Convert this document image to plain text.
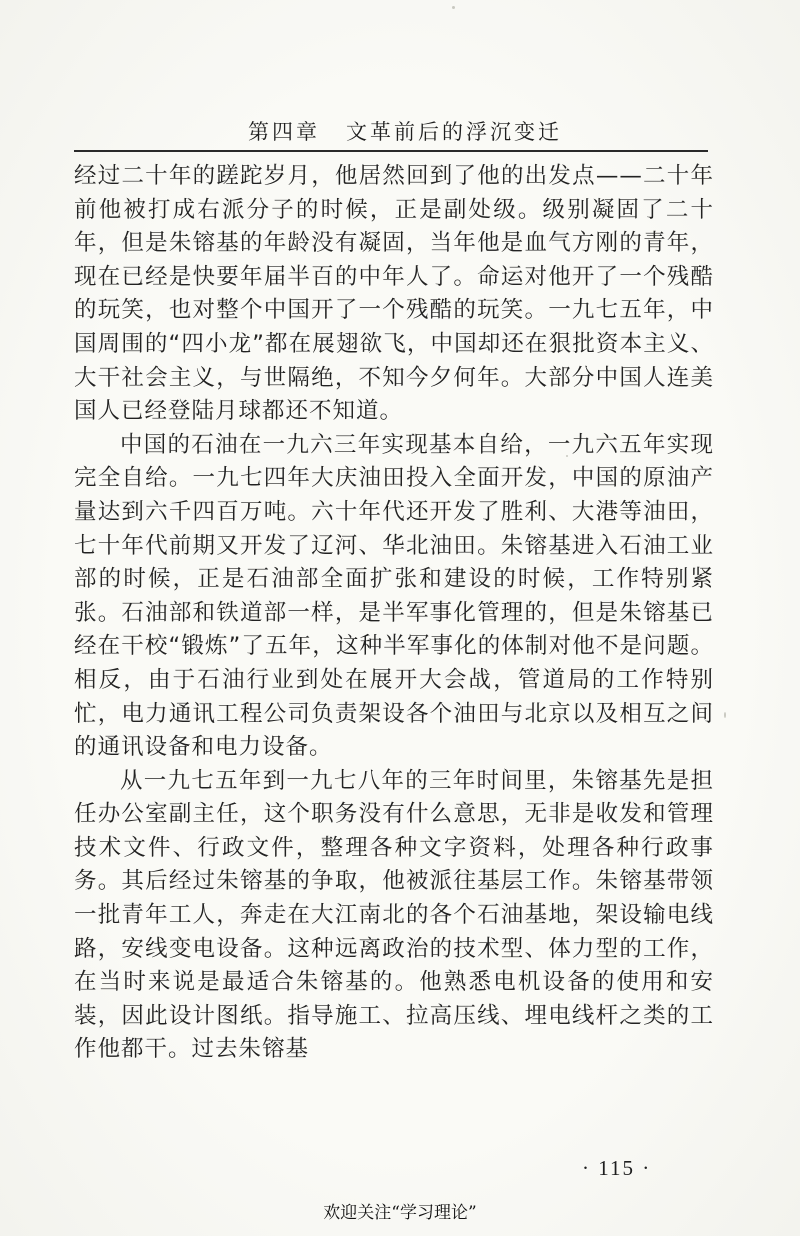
第四章 文革前后的浮沉变迁

经过二十年的蹉跎岁月，他居然回到了他的出发点——二十年前他被打成右派分子的时候，正是副处级。级别凝固了二十年，但是朱镕基的年龄没有凝固，当年他是血气方刚的青年，现在已经是快要年届半百的中年人了。命运对他开了一个残酷的玩笑，也对整个中国开了一个残酷的玩笑。一九七五年，中国周围的“四小龙”都在展翅欲飞，中国却还在狠批资本主义、大干社会主义，与世隔绝，不知今夕何年。大部分中国人连美国人已经登陆月球都还不知道。

中国的石油在一九六三年实现基本自给，一九六五年实现完全自给。一九七四年大庆油田投入全面开发，中国的原油产量达到六千四百万吨。六十年代还开发了胜利、大港等油田，七十年代前期又开发了辽河、华北油田。朱镕基进入石油工业部的时候，正是石油部全面扩张和建设的时候，工作特别紧张。石油部和铁道部一样，是半军事化管理的，但是朱镕基已经在干校“锻炼”了五年，这种半军事化的体制对他不是问题。相反，由于石油行业到处在展开大会战，管道局的工作特别忙，电力通讯工程公司负责架设各个油田与北京以及相互之间的通讯设备和电力设备。

从一九七五年到一九七八年的三年时间里，朱镕基先是担任办公室副主任，这个职务没有什么意思，无非是收发和管理技术文件、行政文件，整理各种文字资料，处理各种行政事务。其后经过朱镕基的争取，他被派往基层工作。朱镕基带领一批青年工人，奔走在大江南北的各个石油基地，架设输电线路，安线变电设备。这种远离政治的技术型、体力型的工作，在当时来说是最适合朱镕基的。他熟悉电机设备的使用和安装，因此设计图纸。指导施工、拉高压线、埋电线杆之类的工作他都干。过去朱镕基

· 115 ·
欢迎关注“学习理论”
